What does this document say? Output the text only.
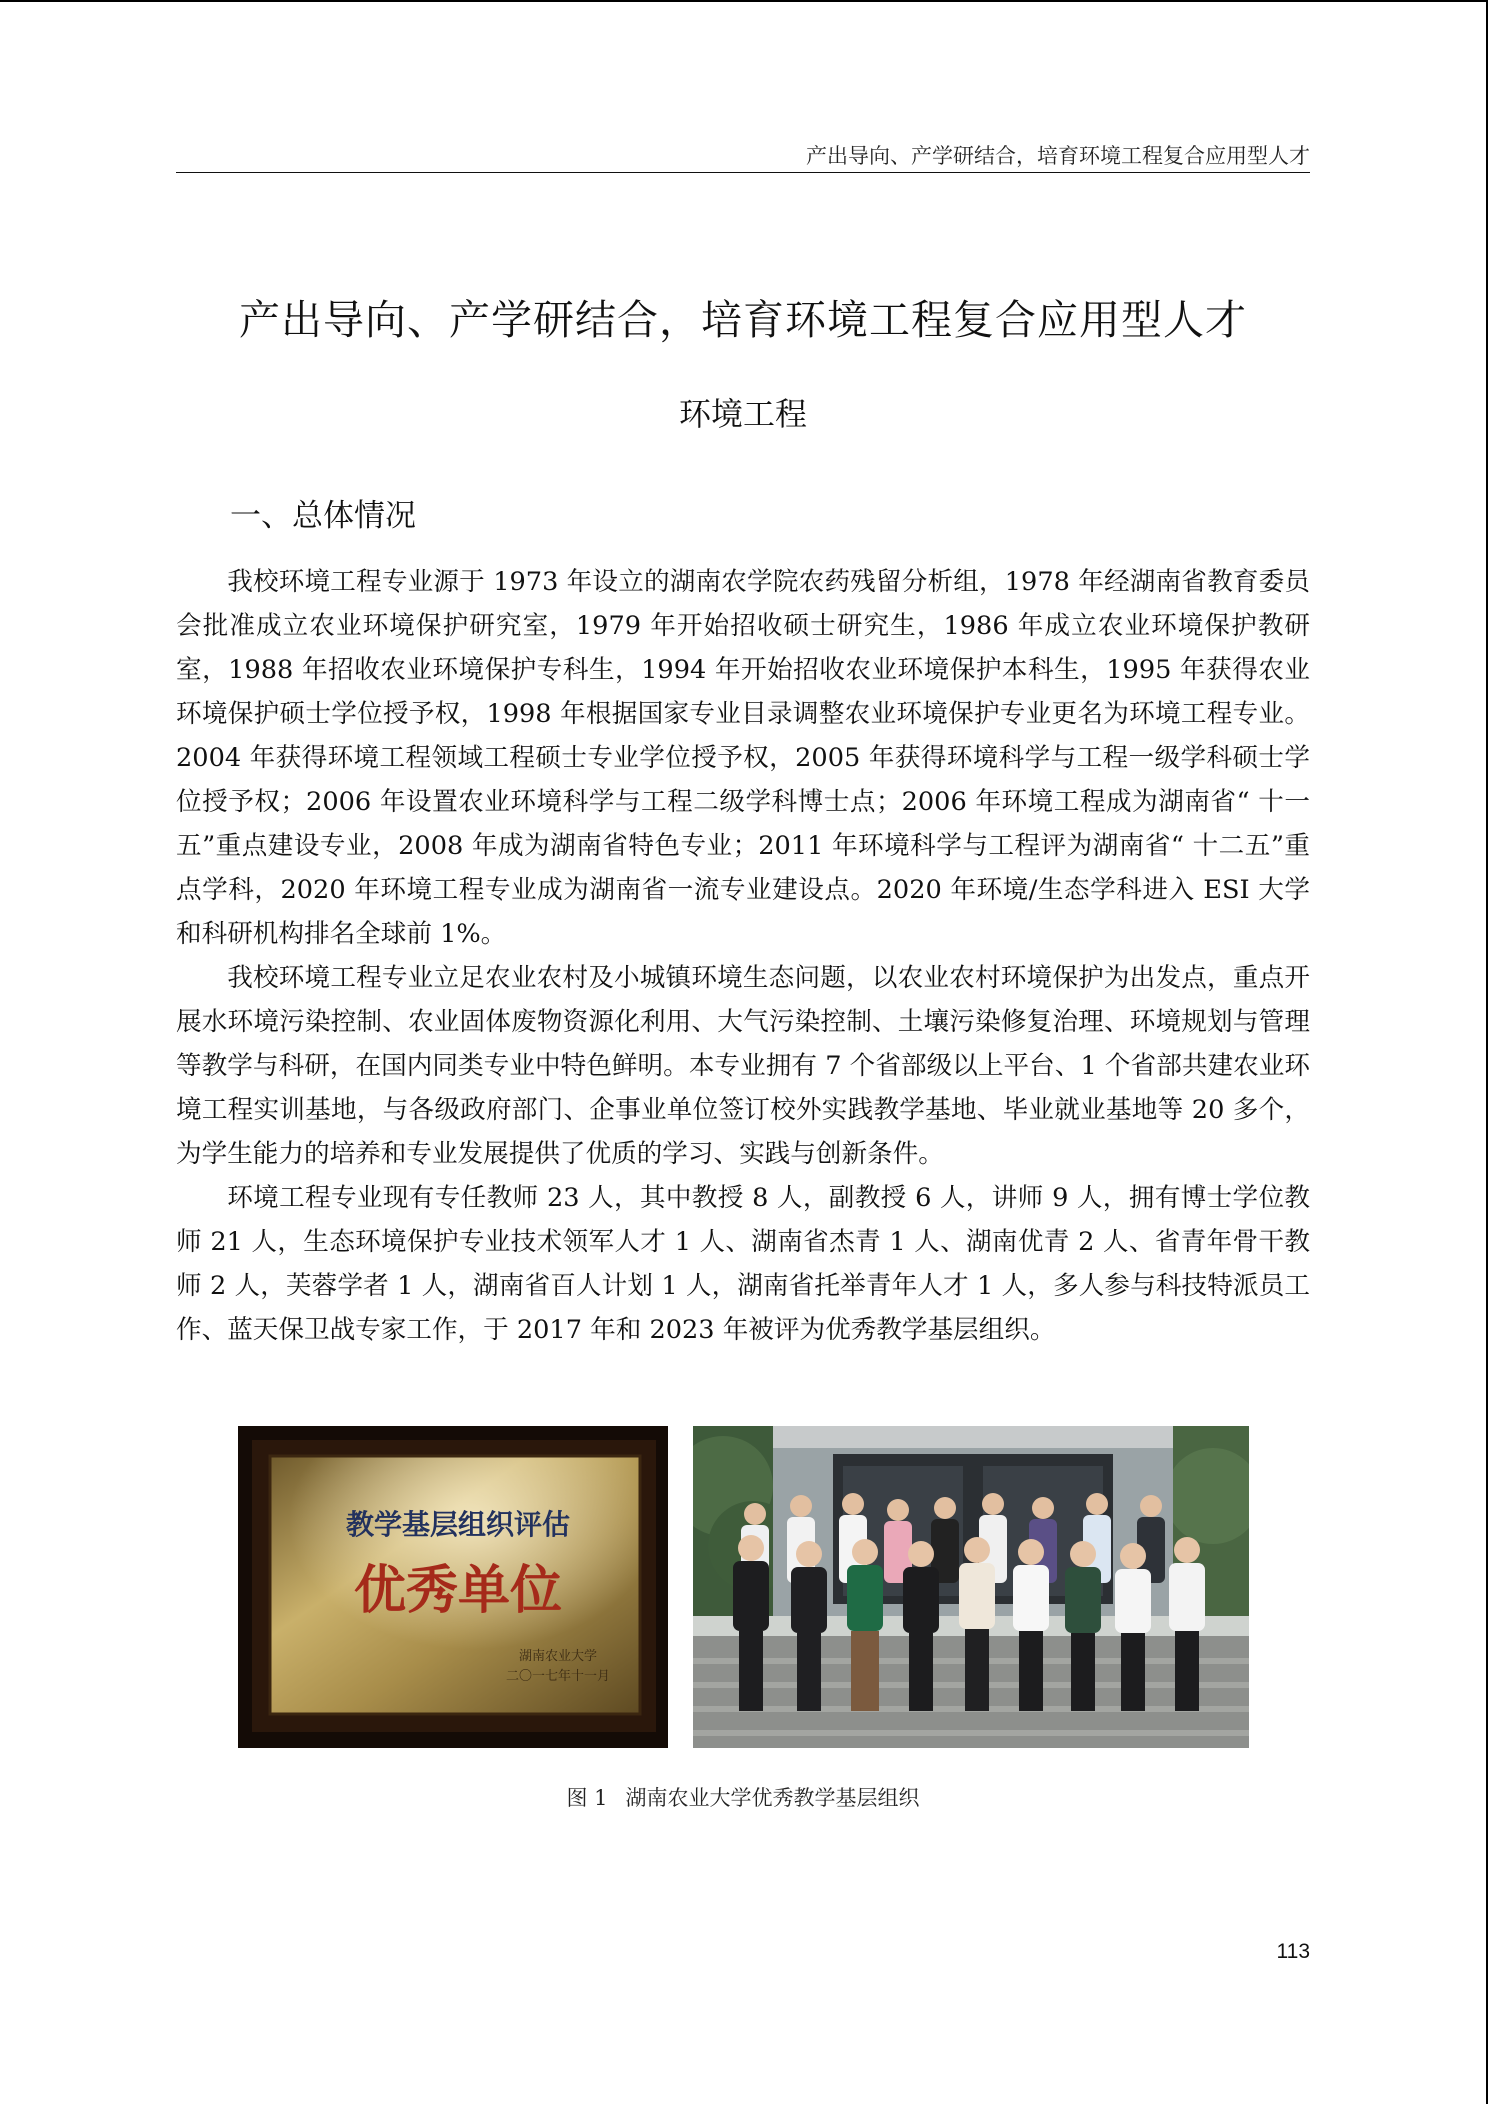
产出导向、产学研结合，培育环境工程复合应用型人才
产出导向、产学研结合，培育环境工程复合应用型人才
环境工程
一、总体情况

我校环境工程专业源于 1973 年设立的湖南农学院农药残留分析组，1978 年经湖南省教育委员会批准成立农业环境保护研究室，1979 年开始招收硕士研究生，1986 年成立农业环境保护教研室，1988 年招收农业环境保护专科生，1994 年开始招收农业环境保护本科生，1995 年获得农业环境保护硕士学位授予权，1998 年根据国家专业目录调整农业环境保护专业更名为环境工程专业。2004 年获得环境工程领域工程硕士专业学位授予权，2005 年获得环境科学与工程一级学科硕士学位授予权；2006 年设置农业环境科学与工程二级学科博士点；2006 年环境工程成为湖南省“ 十一五”重点建设专业，2008 年成为湖南省特色专业；2011 年环境科学与工程评为湖南省“ 十二五”重点学科，2020 年环境工程专业成为湖南省一流专业建设点。2020 年环境/生态学科进入 ESI 大学和科研机构排名全球前 1%。

我校环境工程专业立足农业农村及小城镇环境生态问题，以农业农村环境保护为出发点，重点开展水环境污染控制、农业固体废物资源化利用、大气污染控制、土壤污染修复治理、环境规划与管理等教学与科研，在国内同类专业中特色鲜明。本专业拥有 7 个省部级以上平台、1 个省部共建农业环境工程实训基地，与各级政府部门、企事业单位签订校外实践教学基地、毕业就业基地等 20 多个，为学生能力的培养和专业发展提供了优质的学习、实践与创新条件。

环境工程专业现有专任教师 23 人，其中教授 8 人，副教授 6 人，讲师 9 人，拥有博士学位教师 21 人，生态环境保护专业技术领军人才 1 人、湖南省杰青 1 人、湖南优青 2 人、省青年骨干教师 2 人，芙蓉学者 1 人，湖南省百人计划 1 人，湖南省托举青年人才 1 人，多人参与科技特派员工作、蓝天保卫战专家工作，于 2017 年和 2023 年被评为优秀教学基层组织。

教学基层组织评估
优秀单位
湖南农业大学
二〇一七年十一月
图 1 湖南农业大学优秀教学基层组织
113
